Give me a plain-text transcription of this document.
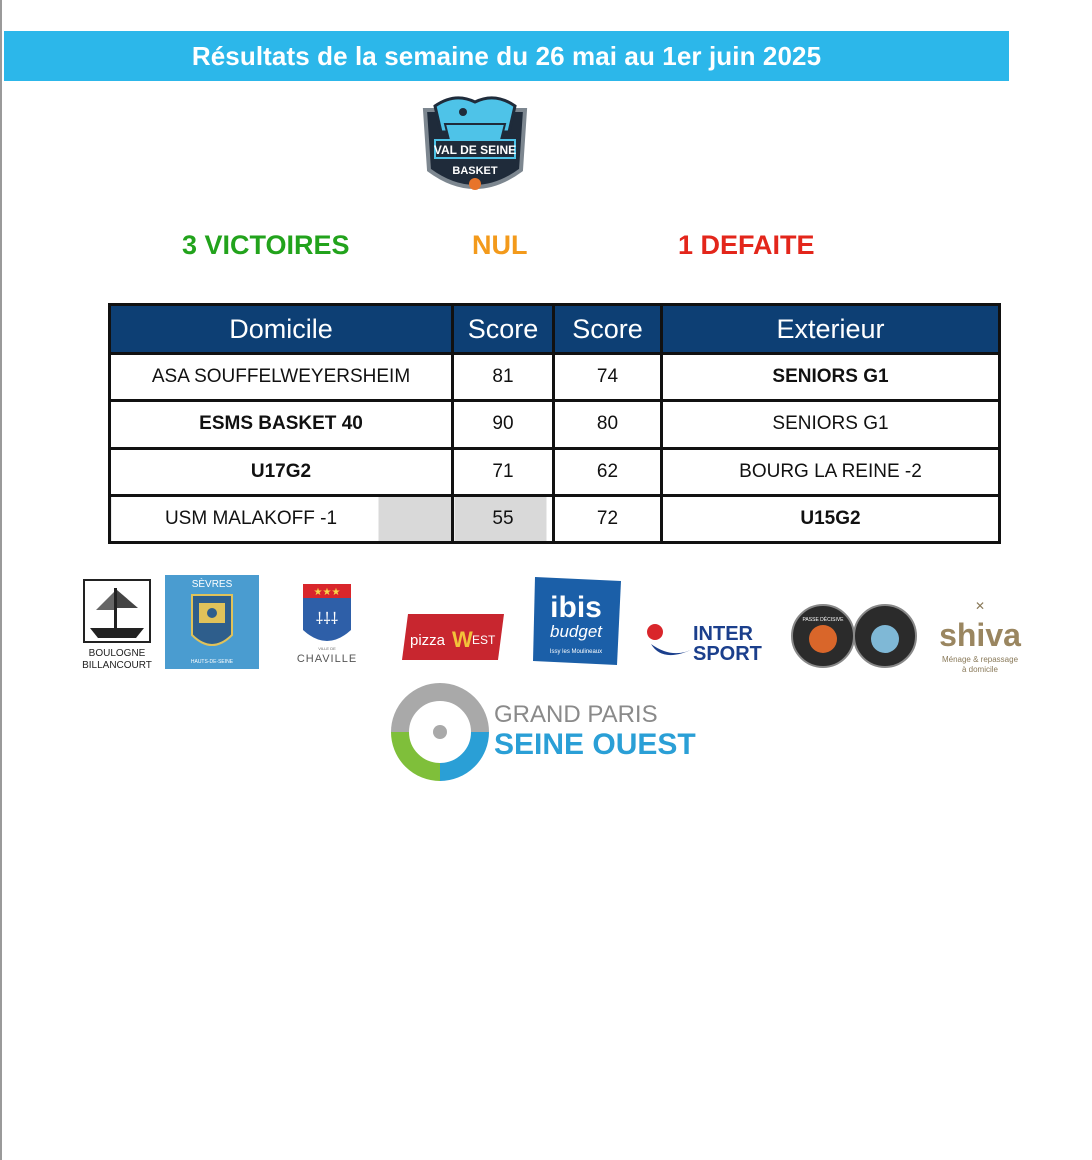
Résultats de la semaine du 26 mai au 1er juin 2025
VAL DE SEINE
BASKET
3 VICTOIRES	NUL	1 DEFAITE
Domicile	Score	Score	Exterieur
ASA SOUFFELWEYERSHEIM	81	74	SENIORS G1
ESMS BASKET 40	90	80	SENIORS G1
U17G2	71	62	BOURG LA REINE -2
USM MALAKOFF -1	55	72	U15G2
BOULOGNE
BILLANCOURT
SÈVRES
HAUTS-DE-SEINE
★★★
⸸⸸⸸
VILLE DE
CHAVILLE
pizza W EST
ibis
budget
Issy les Moulineaux
INTER
SPORT
PASSE DÉCISIVE
✕
shiva
Ménage & repassage
à domicile
GRAND PARIS
SEINE OUEST
